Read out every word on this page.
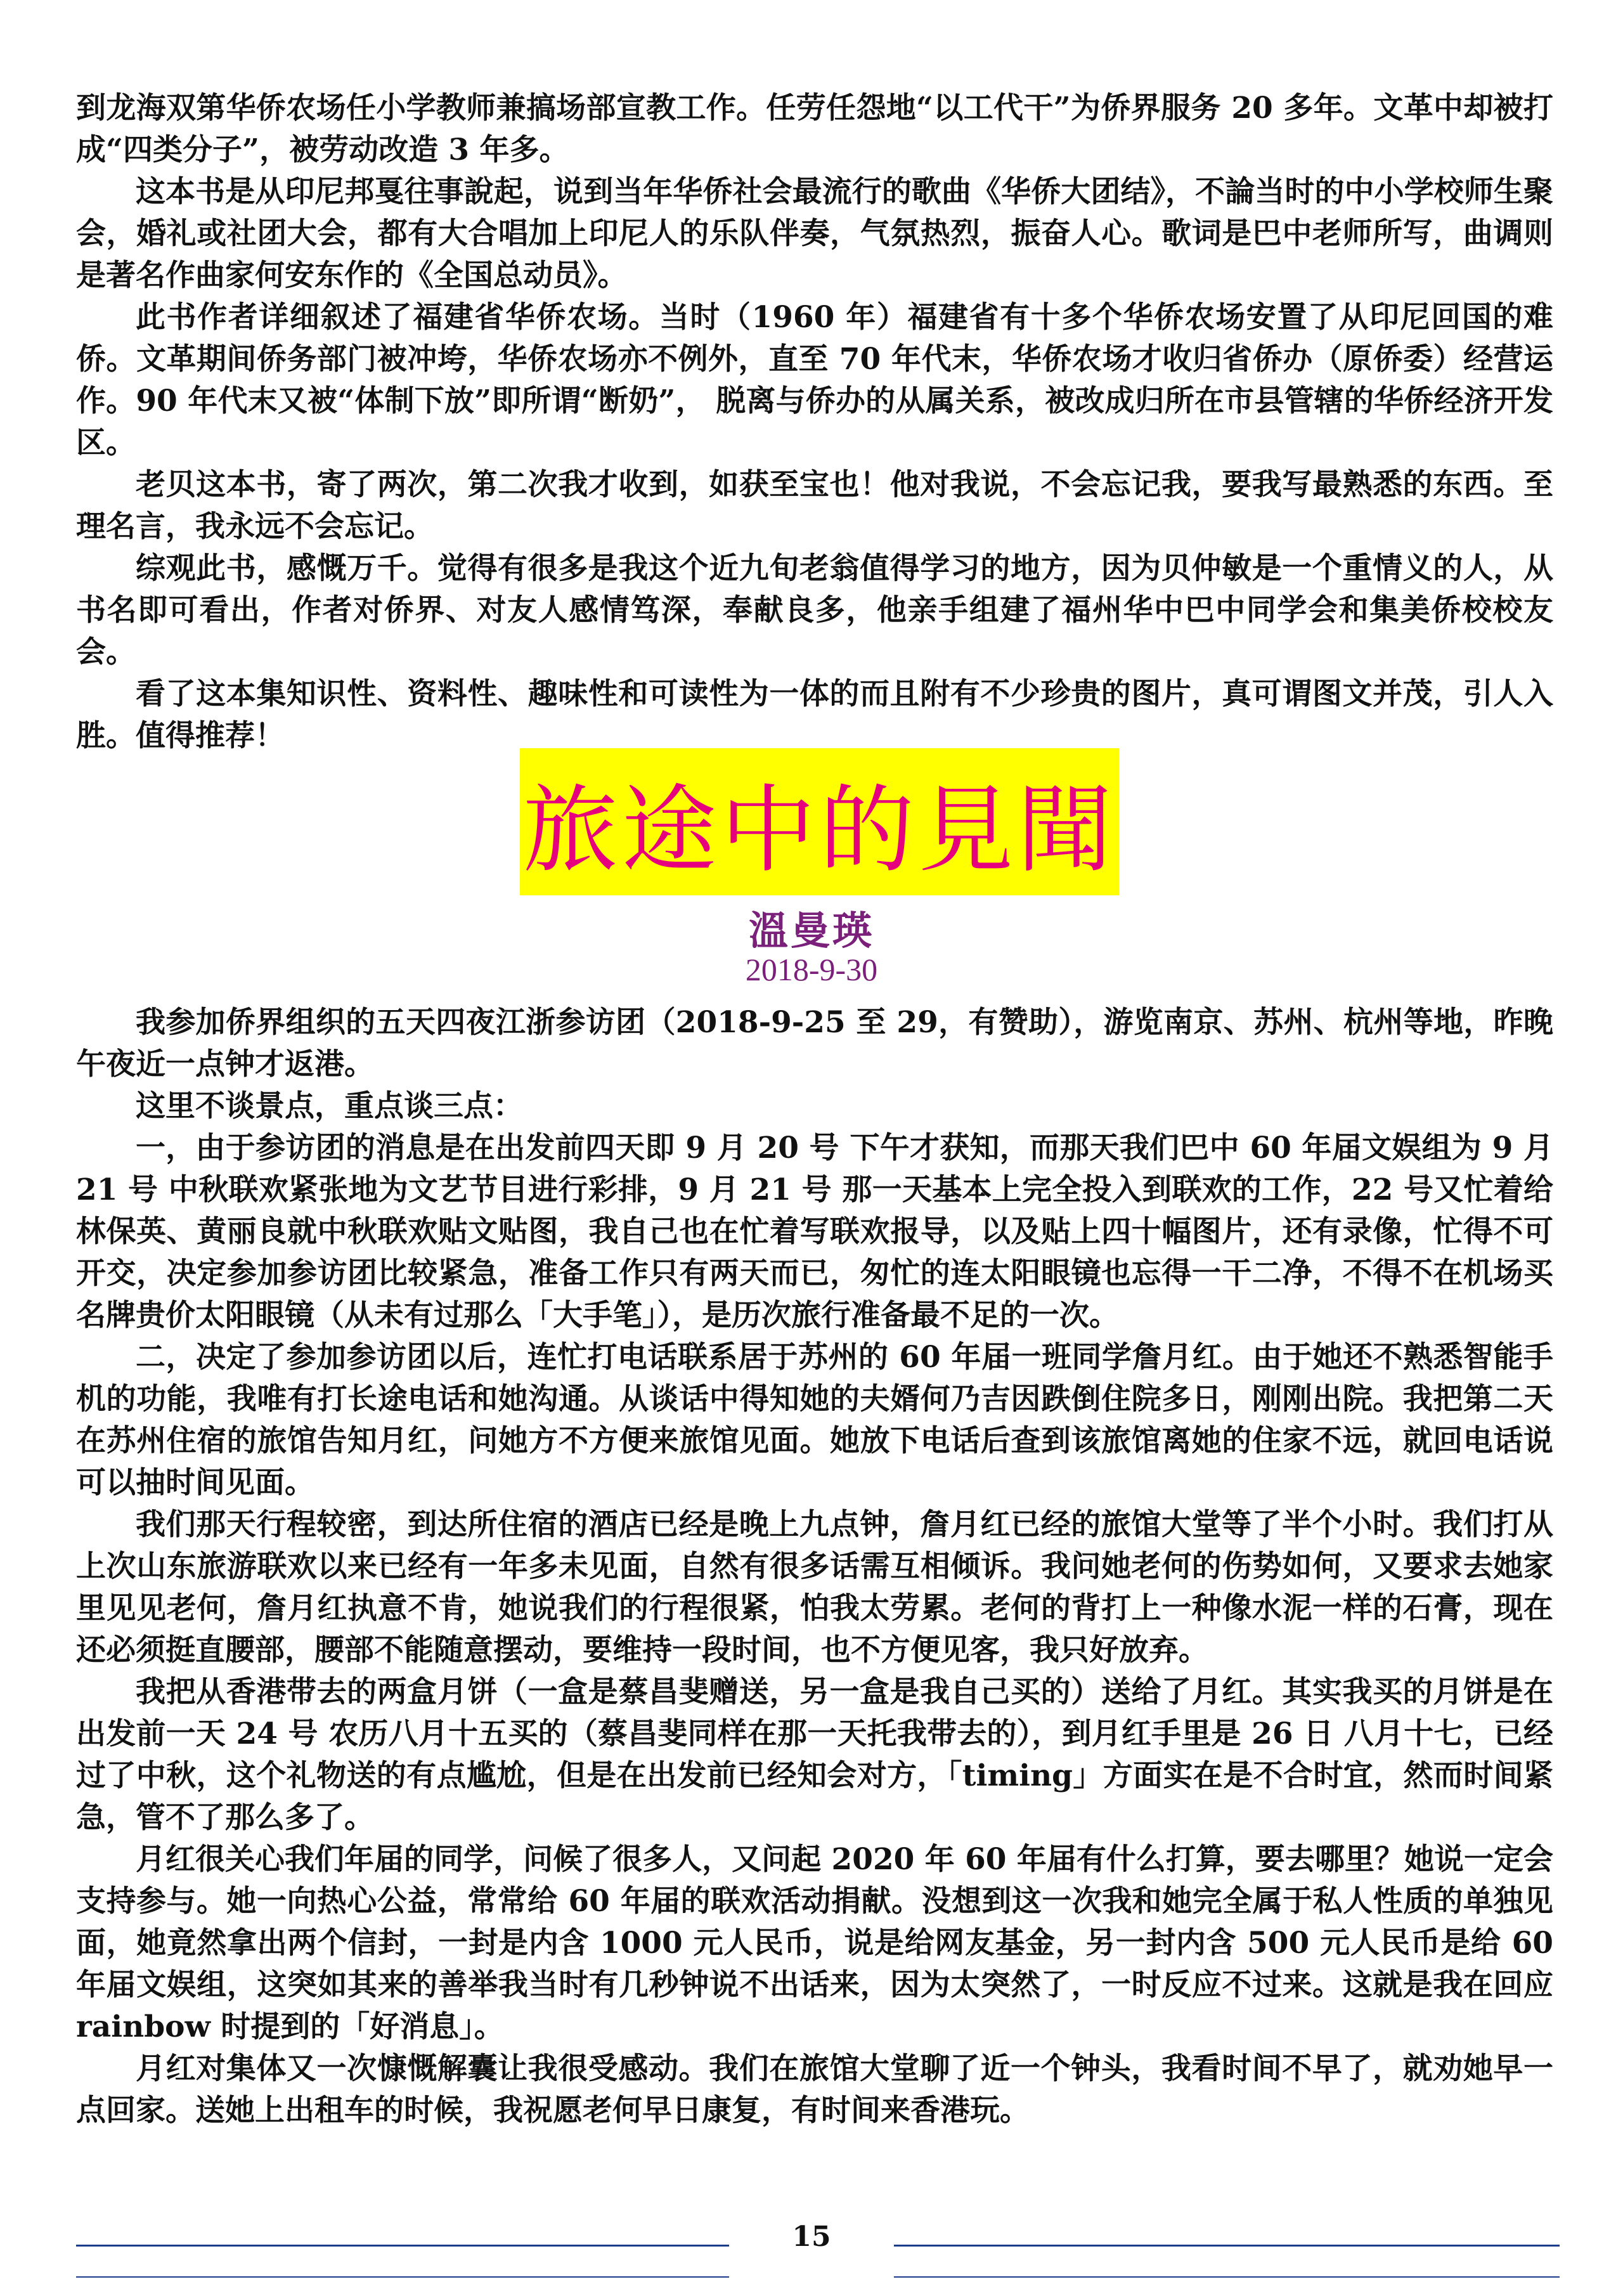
到龙海双第华侨农场任小学教师兼搞场部宣教工作。任劳任怨地“以工代干”为侨界服务 20 多年。文革中却被打成“四类分子”，被劳动改造 3 年多。

这本书是从印尼邦戛往事說起，说到当年华侨社会最流行的歌曲《华侨大团结》，不論当时的中小学校师生聚会，婚礼或社团大会，都有大合唱加上印尼人的乐队伴奏，气氛热烈，振奋人心。歌词是巴中老师所写，曲调则是著名作曲家何安东作的《全国总动员》。

此书作者详细叙述了福建省华侨农场。当时（1960 年）福建省有十多个华侨农场安置了从印尼回国的难侨。文革期间侨务部门被冲垮，华侨农场亦不例外，直至 70 年代末，华侨农场才收归省侨办（原侨委）经营运作。90 年代末又被“体制下放”即所谓“断奶”， 脱离与侨办的从属关系，被改成归所在市县管辖的华侨经济开发区。

老贝这本书，寄了两次，第二次我才收到，如获至宝也！他对我说，不会忘记我，要我写最熟悉的东西。至理名言，我永远不会忘记。

综观此书，感慨万千。觉得有很多是我这个近九旬老翁值得学习的地方，因为贝仲敏是一个重情义的人，从书名即可看出，作者对侨界、对友人感情笃深，奉献良多，他亲手组建了福州华中巴中同学会和集美侨校校友会。

看了这本集知识性、资料性、趣味性和可读性为一体的而且附有不少珍贵的图片，真可谓图文并茂，引人入胜。值得推荐！

旅途中的見聞
溫曼瑛
2018-9-30

我参加侨界组织的五天四夜江浙参访团（2018-9-25 至 29，有赞助），游览南京、苏州、杭州等地，昨晚午夜近一点钟才返港。

这里不谈景点，重点谈三点：

一，由于参访团的消息是在出发前四天即 9 月 20 号 下午才获知，而那天我们巴中 60 年届文娱组为 9 月 21 号 中秋联欢紧张地为文艺节目进行彩排，9 月 21 号 那一天基本上完全投入到联欢的工作，22 号又忙着给林保英、黄丽良就中秋联欢贴文贴图，我自己也在忙着写联欢报导，以及贴上四十幅图片，还有录像，忙得不可开交，决定参加参访团比较紧急，准备工作只有两天而已，匆忙的连太阳眼镜也忘得一干二净，不得不在机场买名牌贵价太阳眼镜（从未有过那么「大手笔」），是历次旅行准备最不足的一次。

二，决定了参加参访团以后，连忙打电话联系居于苏州的 60 年届一班同学詹月红。由于她还不熟悉智能手机的功能，我唯有打长途电话和她沟通。从谈话中得知她的夫婿何乃吉因跌倒住院多日，刚刚出院。我把第二天在苏州住宿的旅馆告知月红，问她方不方便来旅馆见面。她放下电话后查到该旅馆离她的住家不远，就回电话说可以抽时间见面。

我们那天行程较密，到达所住宿的酒店已经是晚上九点钟，詹月红已经的旅馆大堂等了半个小时。我们打从上次山东旅游联欢以来已经有一年多未见面，自然有很多话需互相倾诉。我问她老何的伤势如何，又要求去她家里见见老何，詹月红执意不肯，她说我们的行程很紧，怕我太劳累。老何的背打上一种像水泥一样的石膏，现在还必须挺直腰部，腰部不能随意摆动，要维持一段时间，也不方便见客，我只好放弃。

我把从香港带去的两盒月饼（一盒是蔡昌斐赠送，另一盒是我自己买的）送给了月红。其实我买的月饼是在出发前一天 24 号 农历八月十五买的（蔡昌斐同样在那一天托我带去的），到月红手里是 26 日 八月十七，已经过了中秋，这个礼物送的有点尴尬，但是在出发前已经知会对方，「timing」方面实在是不合时宜，然而时间紧急，管不了那么多了。

月红很关心我们年届的同学，问候了很多人，又问起 2020 年 60 年届有什么打算，要去哪里？她说一定会支持参与。她一向热心公益，常常给 60 年届的联欢活动捐献。没想到这一次我和她完全属于私人性质的单独见面，她竟然拿出两个信封，一封是内含 1000 元人民币，说是给网友基金，另一封内含 500 元人民币是给 60 年届文娱组，这突如其来的善举我当时有几秒钟说不出话来，因为太突然了，一时反应不过来。这就是我在回应 rainbow 时提到的「好消息」。

月红对集体又一次慷慨解囊让我很受感动。我们在旅馆大堂聊了近一个钟头，我看时间不早了，就劝她早一点回家。送她上出租车的时候，我祝愿老何早日康复，有时间来香港玩。

15
